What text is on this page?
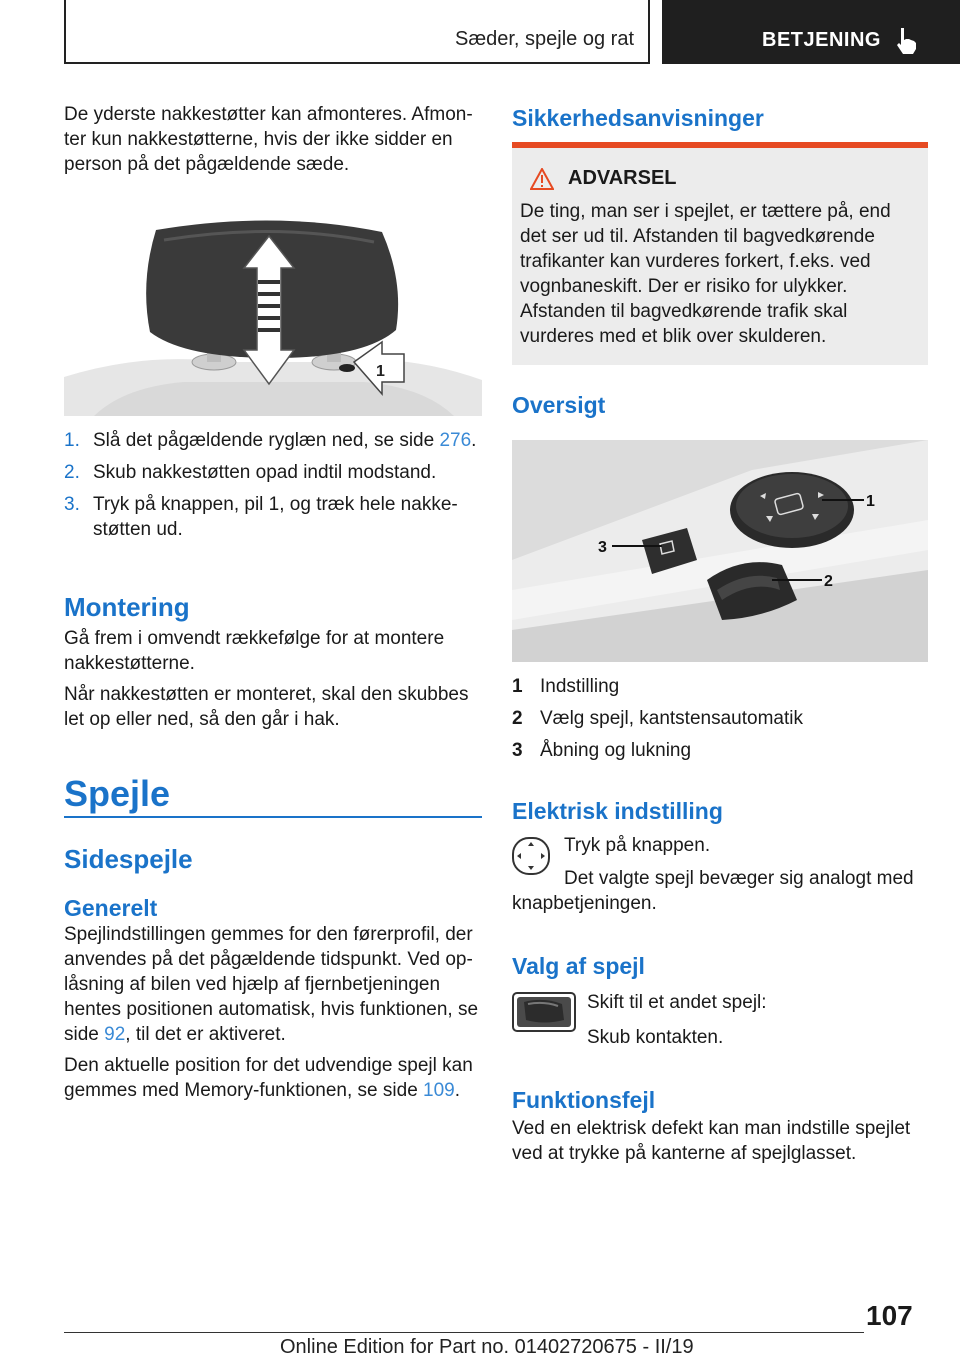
Sæder, spejle og rat	BETJENING

De yderste nakkestøtter kan afmonteres. Afmonter kun nakkestøtterne, hvis der ikke sidder en person på det pågældende sæde.

1
1. Slå det pågældende ryglæn ned, se side 276.
2. Skub nakkestøtten opad indtil modstand.
3. Tryk på knappen, pil 1, og træk hele nakkestøtten ud.
Montering

Gå frem i omvendt rækkefølge for at montere nakkestøtterne.

Når nakkestøtten er monteret, skal den skubbes let op eller ned, så den går i hak.

Spejle
Sidespejle
Generelt

Spejlindstillingen gemmes for den førerprofil, der anvendes på det pågældende tidspunkt. Ved oplåsning af bilen ved hjælp af fjernbetjeningen hentes positionen automatisk, hvis funktionen, se side 92, til det er aktiveret.

Den aktuelle position for det udvendige spejl kan gemmes med Memory-funktionen, se side 109.

Sikkerhedsanvisninger
ADVARSEL

De ting, man ser i spejlet, er tættere på, end det ser ud til. Afstanden til bagvedkørende trafikanter kan vurderes forkert, f.eks. ved vognbaneskift. Der er risiko for ulykker. Afstanden til bagvedkørende trafik skal vurderes med et blik over skulderen.

Oversigt
1
2
3
1 Indstilling
2 Vælg spejl, kantstensautomatik
3 Åbning og lukning
Elektrisk indstilling

Tryk på knappen.

Det valgte spejl bevæger sig analogt med knapbetjeningen.

Valg af spejl

Skift til et andet spejl:

Skub kontakten.

Funktionsfejl

Ved en elektrisk defekt kan man indstille spejlet ved at trykke på kanterne af spejlglasset.

107
Online Edition for Part no. 01402720675 - II/19
